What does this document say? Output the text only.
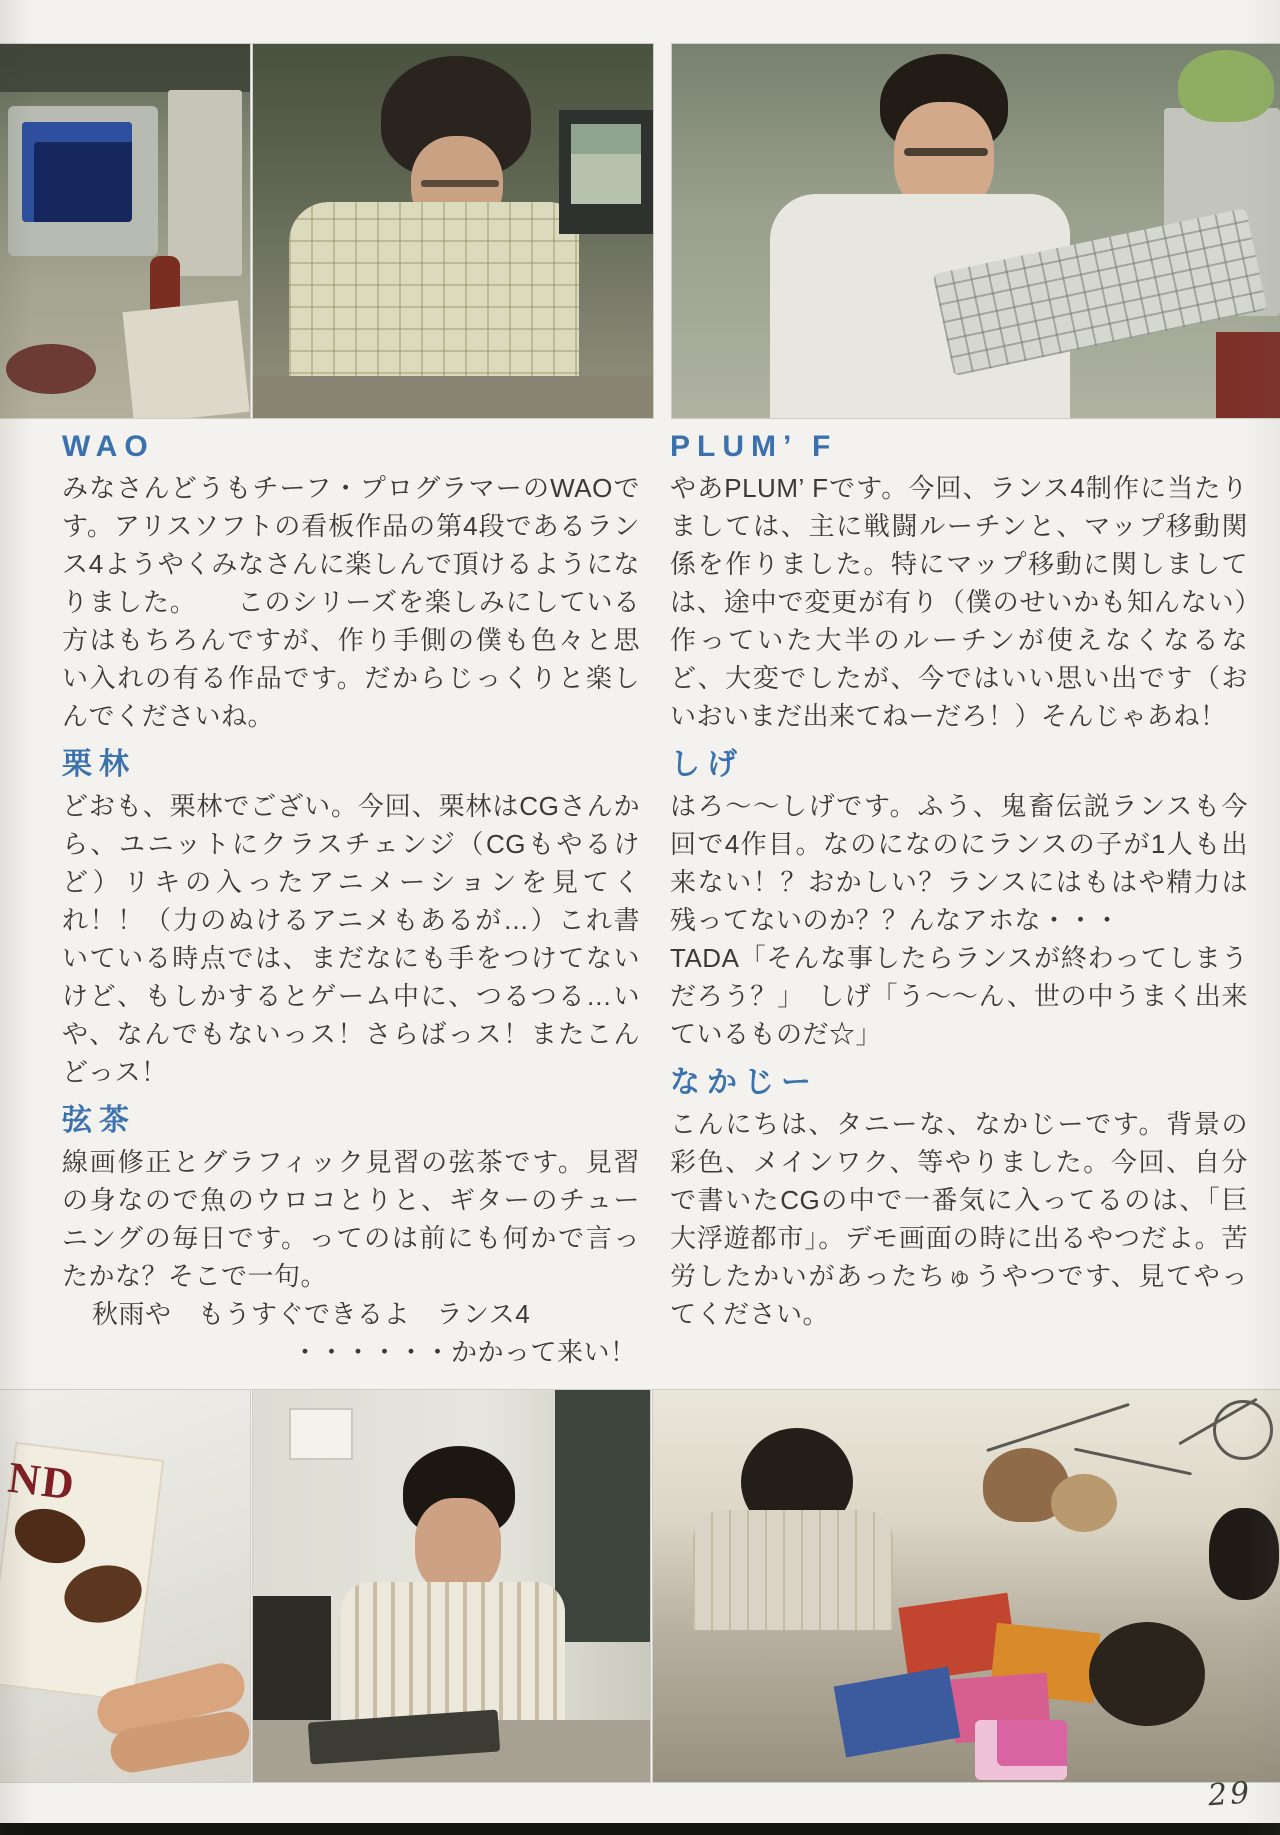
WAO

みなさんどうもチーフ・プログラマーのWAOです。アリスソフトの看板作品の第4段であるランス4ようやくみなさんに楽しんで頂けるようになりました。　　このシリーズを楽しみにしている方はもちろんですが、作り手側の僕も色々と思い入れの有る作品です。だからじっくりと楽しんでくださいね。

栗林

どおも、栗林でござい。今回、栗林はCGさんから、ユニットにクラスチェンジ（CGもやるけど）リキの入ったアニメーションを見てくれ！！（力のぬけるアニメもあるが…）これ書いている時点では、まだなにも手をつけてないけど、もしかするとゲーム中に、つるつる…いや、なんでもないっス！さらばっス！またこんどっス！

弦茶

線画修正とグラフィック見習の弦茶です。見習の身なので魚のウロコとりと、ギターのチューニングの毎日です。ってのは前にも何かで言ったかな？そこで一句。

秋雨や　もうすぐできるよ　ランス4

・・・・・・かかって来い！

PLUM’ F

やあPLUM’ Fです。今回、ランス4制作に当たりましては、主に戦闘ルーチンと、マップ移動関係を作りました。特にマップ移動に関しましては、途中で変更が有り（僕のせいかも知んない）作っていた大半のルーチンが使えなくなるなど、大変でしたが、今ではいい思い出です（おいおいまだ出来てねーだろ！）そんじゃあね！

しげ

はろ〜〜しげです。ふう、鬼畜伝説ランスも今回で4作目。なのになのにランスの子が1人も出来ない！？おかしい？ランスにはもはや精力は残ってないのか？？んなアホな・・・

TADA「そんな事したらランスが終わってしまうだろう？」　しげ「う〜〜ん、世の中うまく出来ているものだ☆」

なかじー

こんにちは、タニーな、なかじーです。背景の彩色、メインワク、等やりました。今回、自分で書いたCGの中で一番気に入ってるのは、「巨大浮遊都市」。デモ画面の時に出るやつだよ。苦労したかいがあったちゅうやつです、見てやってください。

ND
29
